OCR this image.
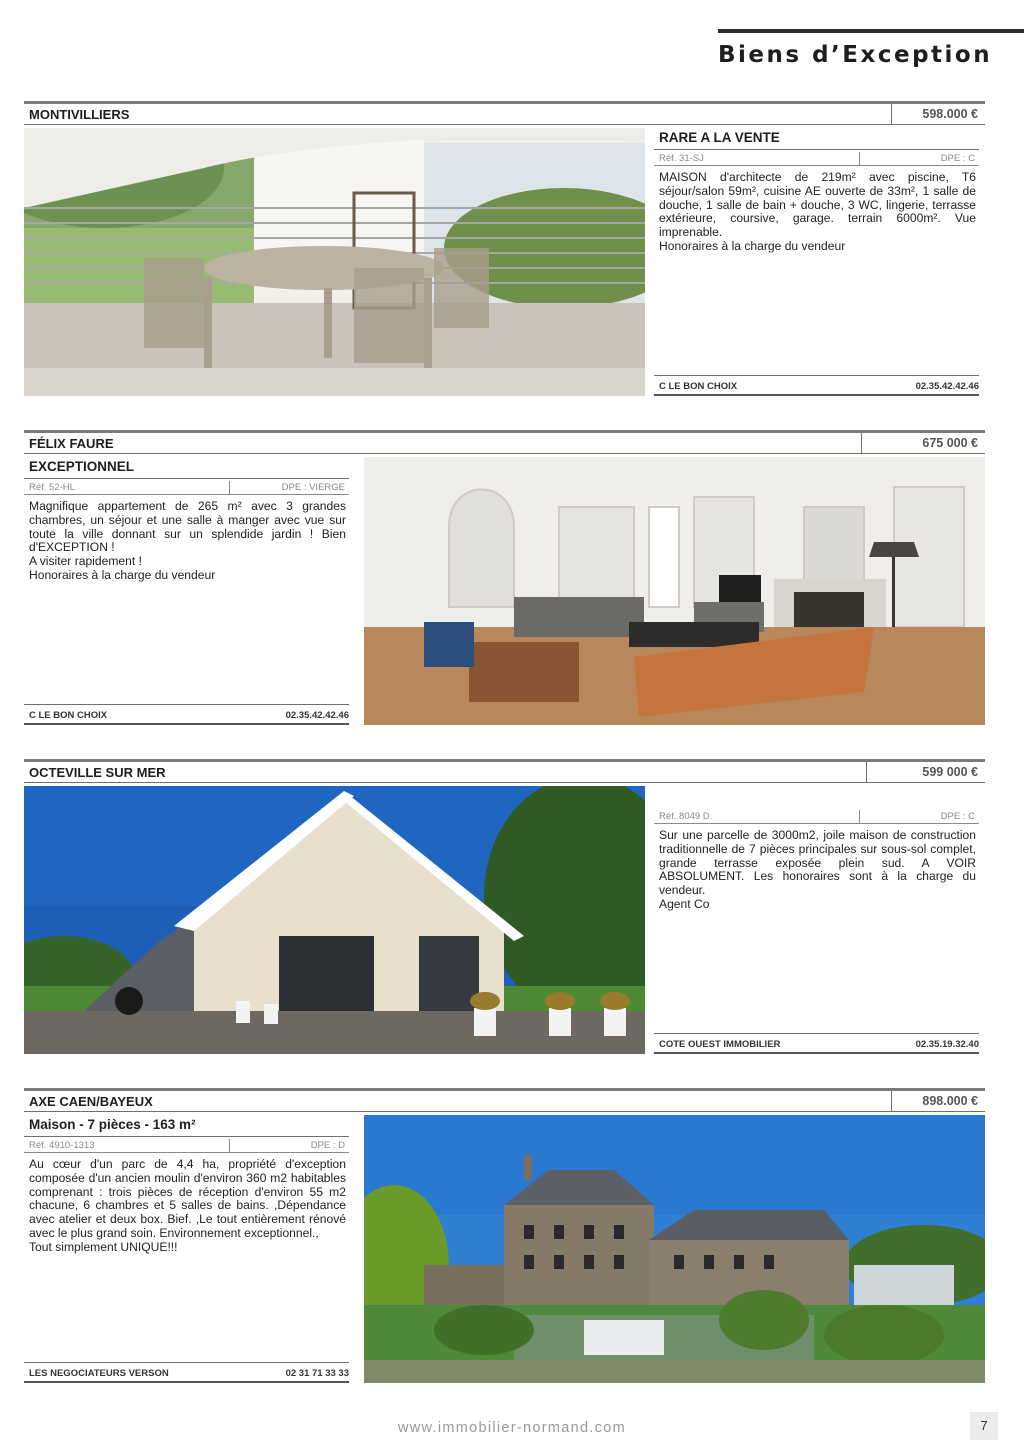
Biens d’Exception
MONTIVILLIERS	598.000 €
RARE A LA VENTE
Réf. 31-SJ	DPE : C
MAISON d'architecte de 219m² avec piscine, T6 séjour/salon 59m², cuisine AE ouverte de 33m², 1 salle de douche, 1 salle de bain + douche, 3 WC, lingerie, terrasse extérieure, coursive, garage. terrain 6000m². Vue imprenable.
Honoraires à la charge du vendeur
C LE BON CHOIX	02.35.42.42.46
FÉLIX FAURE	675 000 €
EXCEPTIONNEL
Réf. 52-HL	DPE : VIERGE
Magnifique appartement de 265 m² avec 3 grandes chambres, un séjour et une salle à manger avec vue sur toute la ville donnant sur un splendide jardin ! Bien d'EXCEPTION !
A visiter rapidement !
Honoraires à la charge du vendeur
C LE BON CHOIX	02.35.42.42.46
OCTEVILLE SUR MER	599 000 €
Réf. 8049 D.	DPE : C
Sur une parcelle de 3000m2, joile maison de construction traditionnelle de 7 pièces principales sur sous-sol complet, grande terrasse exposée plein sud. A VOIR ABSOLUMENT. Les honoraires sont à la charge du vendeur.
Agent Co
COTE OUEST IMMOBILIER	02.35.19.32.40
AXE CAEN/BAYEUX	898.000 €
Maison - 7 pièces - 163 m²
Réf. 4910-1313	DPE : D
Au cœur d'un parc de 4,4 ha, propriété d'exception composée d'un ancien moulin d'environ 360 m2 habitables comprenant : trois pièces de réception d'environ 55 m2 chacune, 6 chambres et 5 salles de bains. ,Dépendance avec atelier et deux box. Bief. ,Le tout entièrement rénové avec le plus grand soin. Environnement exceptionnel.,
Tout simplement UNIQUE!!!
LES NEGOCIATEURS VERSON	02 31 71 33 33
www.immobilier-normand.com	7
